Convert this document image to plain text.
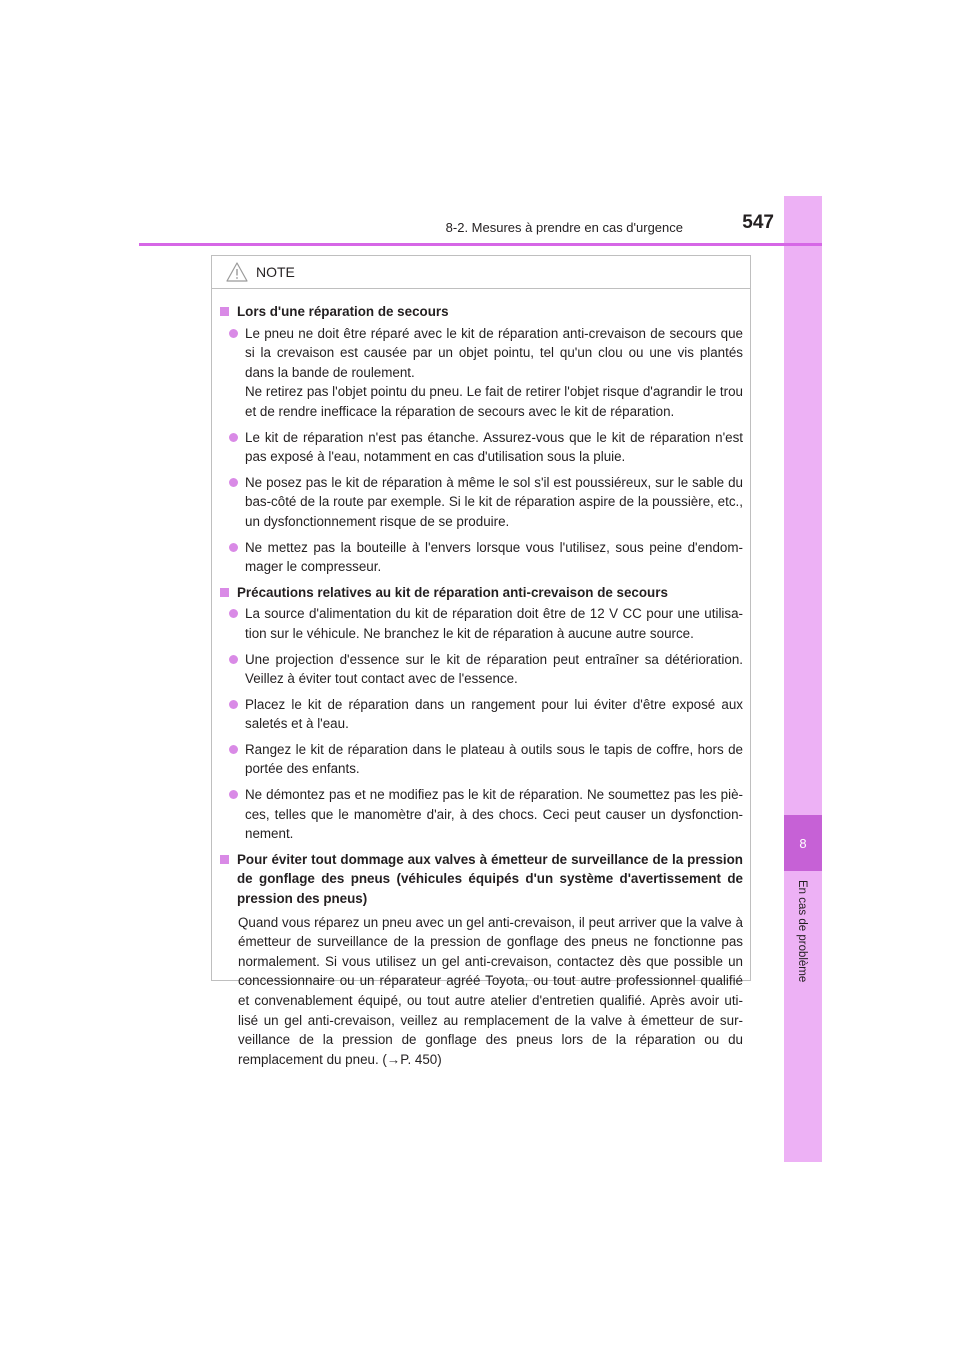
8
En cas de problème
8-2. Mesures à prendre en cas d'urgence	547
NOTE
Lors d'une réparation de secours
Le pneu ne doit être réparé avec le kit de réparation anti-crevaison de secours que si la crevaison est causée par un objet pointu, tel qu'un clou ou une vis plantés dans la bande de roulement.
Ne retirez pas l'objet pointu du pneu. Le fait de retirer l'objet risque d'agrandir le trou et de rendre inefficace la réparation de secours avec le kit de réparation.
Le kit de réparation n'est pas étanche. Assurez-vous que le kit de réparation n'est pas exposé à l'eau, notamment en cas d'utilisation sous la pluie.
Ne posez pas le kit de réparation à même le sol s'il est poussiéreux, sur le sable du bas-côté de la route par exemple. Si le kit de réparation aspire de la poussière, etc., un dysfonctionnement risque de se produire.
Ne mettez pas la bouteille à l'envers lorsque vous l'utilisez, sous peine d'endom-mager le compresseur.
Précautions relatives au kit de réparation anti-crevaison de secours
La source d'alimentation du kit de réparation doit être de 12 V CC pour une utilisa-tion sur le véhicule. Ne branchez le kit de réparation à aucune autre source.
Une projection d'essence sur le kit de réparation peut entraîner sa détérioration. Veillez à éviter tout contact avec de l'essence.
Placez le kit de réparation dans un rangement pour lui éviter d'être exposé aux saletés et à l'eau.
Rangez le kit de réparation dans le plateau à outils sous le tapis de coffre, hors de portée des enfants.
Ne démontez pas et ne modifiez pas le kit de réparation. Ne soumettez pas les piè-ces, telles que le manomètre d'air, à des chocs. Ceci peut causer un dysfonction-nement.
Pour éviter tout dommage aux valves à émetteur de surveillance de la pression de gonflage des pneus (véhicules équipés d'un système d'avertissement de pression des pneus)
Quand vous réparez un pneu avec un gel anti-crevaison, il peut arriver que la valve à émetteur de surveillance de la pression de gonflage des pneus ne fonctionne pas normalement. Si vous utilisez un gel anti-crevaison, contactez dès que possible un concessionnaire ou un réparateur agréé Toyota, ou tout autre professionnel qualifié et convenablement équipé, ou tout autre atelier d'entretien qualifié. Après avoir uti-lisé un gel anti-crevaison, veillez au remplacement de la valve à émetteur de sur-veillance de la pression de gonflage des pneus lors de la réparation ou du remplacement du pneu. (→P. 450)
